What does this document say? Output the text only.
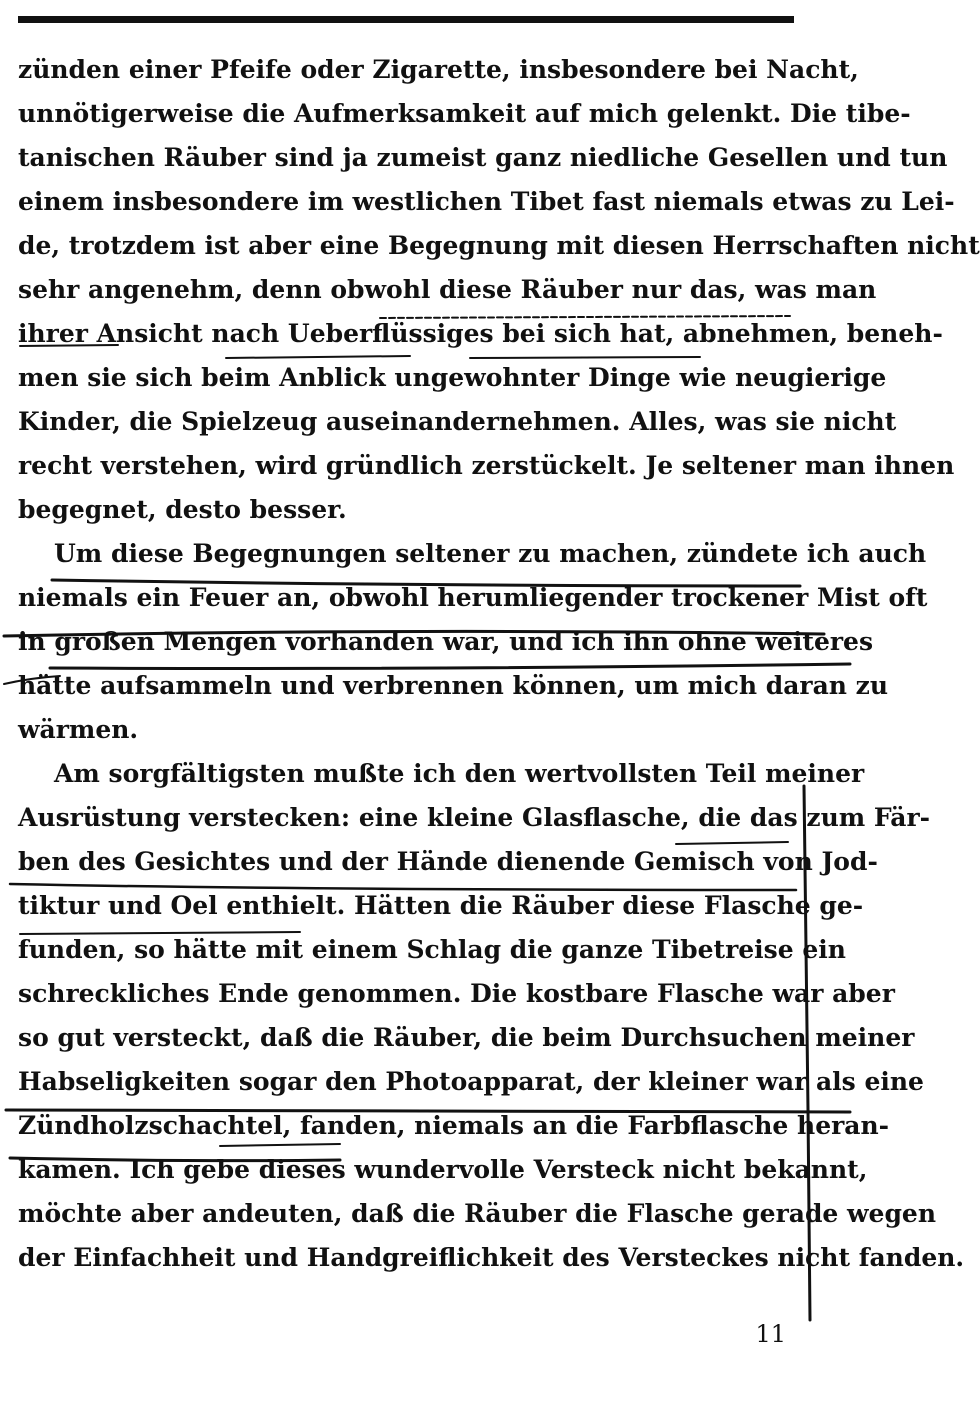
zünden einer Pfeife oder Zigarette, insbesondere bei Nacht,
unnötigerweise die Aufmerksamkeit auf mich gelenkt. Die tibe-
tanischen Räuber sind ja zumeist ganz niedliche Gesellen und tun
einem insbesondere im westlichen Tibet fast niemals etwas zu Lei-
de, trotzdem ist aber eine Begegnung mit diesen Herrschaften nicht
sehr angenehm, denn obwohl diese Räuber nur das, was man
ihrer Ansicht nach Ueberflüssiges bei sich hat, abnehmen, beneh-
men sie sich beim Anblick ungewohnter Dinge wie neugierige
Kinder, die Spielzeug auseinandernehmen. Alles, was sie nicht
recht verstehen, wird gründlich zerstückelt. Je seltener man ihnen
begegnet, desto besser.
Um diese Begegnungen seltener zu machen, zündete ich auch
niemals ein Feuer an, obwohl herumliegender trockener Mist oft
in großen Mengen vorhanden war, und ich ihn ohne weiteres
hätte aufsammeln und verbrennen können, um mich daran zu
wärmen.
Am sorgfältigsten mußte ich den wertvollsten Teil meiner
Ausrüstung verstecken: eine kleine Glasflasche, die das zum Fär-
ben des Gesichtes und der Hände dienende Gemisch von Jod-
tiktur und Oel enthielt. Hätten die Räuber diese Flasche ge-
funden, so hätte mit einem Schlag die ganze Tibetreise ein
schreckliches Ende genommen. Die kostbare Flasche war aber
so gut versteckt, daß die Räuber, die beim Durchsuchen meiner
Habseligkeiten sogar den Photoapparat, der kleiner war als eine
Zündholzschachtel, fanden, niemals an die Farbflasche heran-
kamen. Ich gebe dieses wundervolle Versteck nicht bekannt,
möchte aber andeuten, daß die Räuber die Flasche gerade wegen
der Einfachheit und Handgreiflichkeit des Versteckes nicht fanden.
11
